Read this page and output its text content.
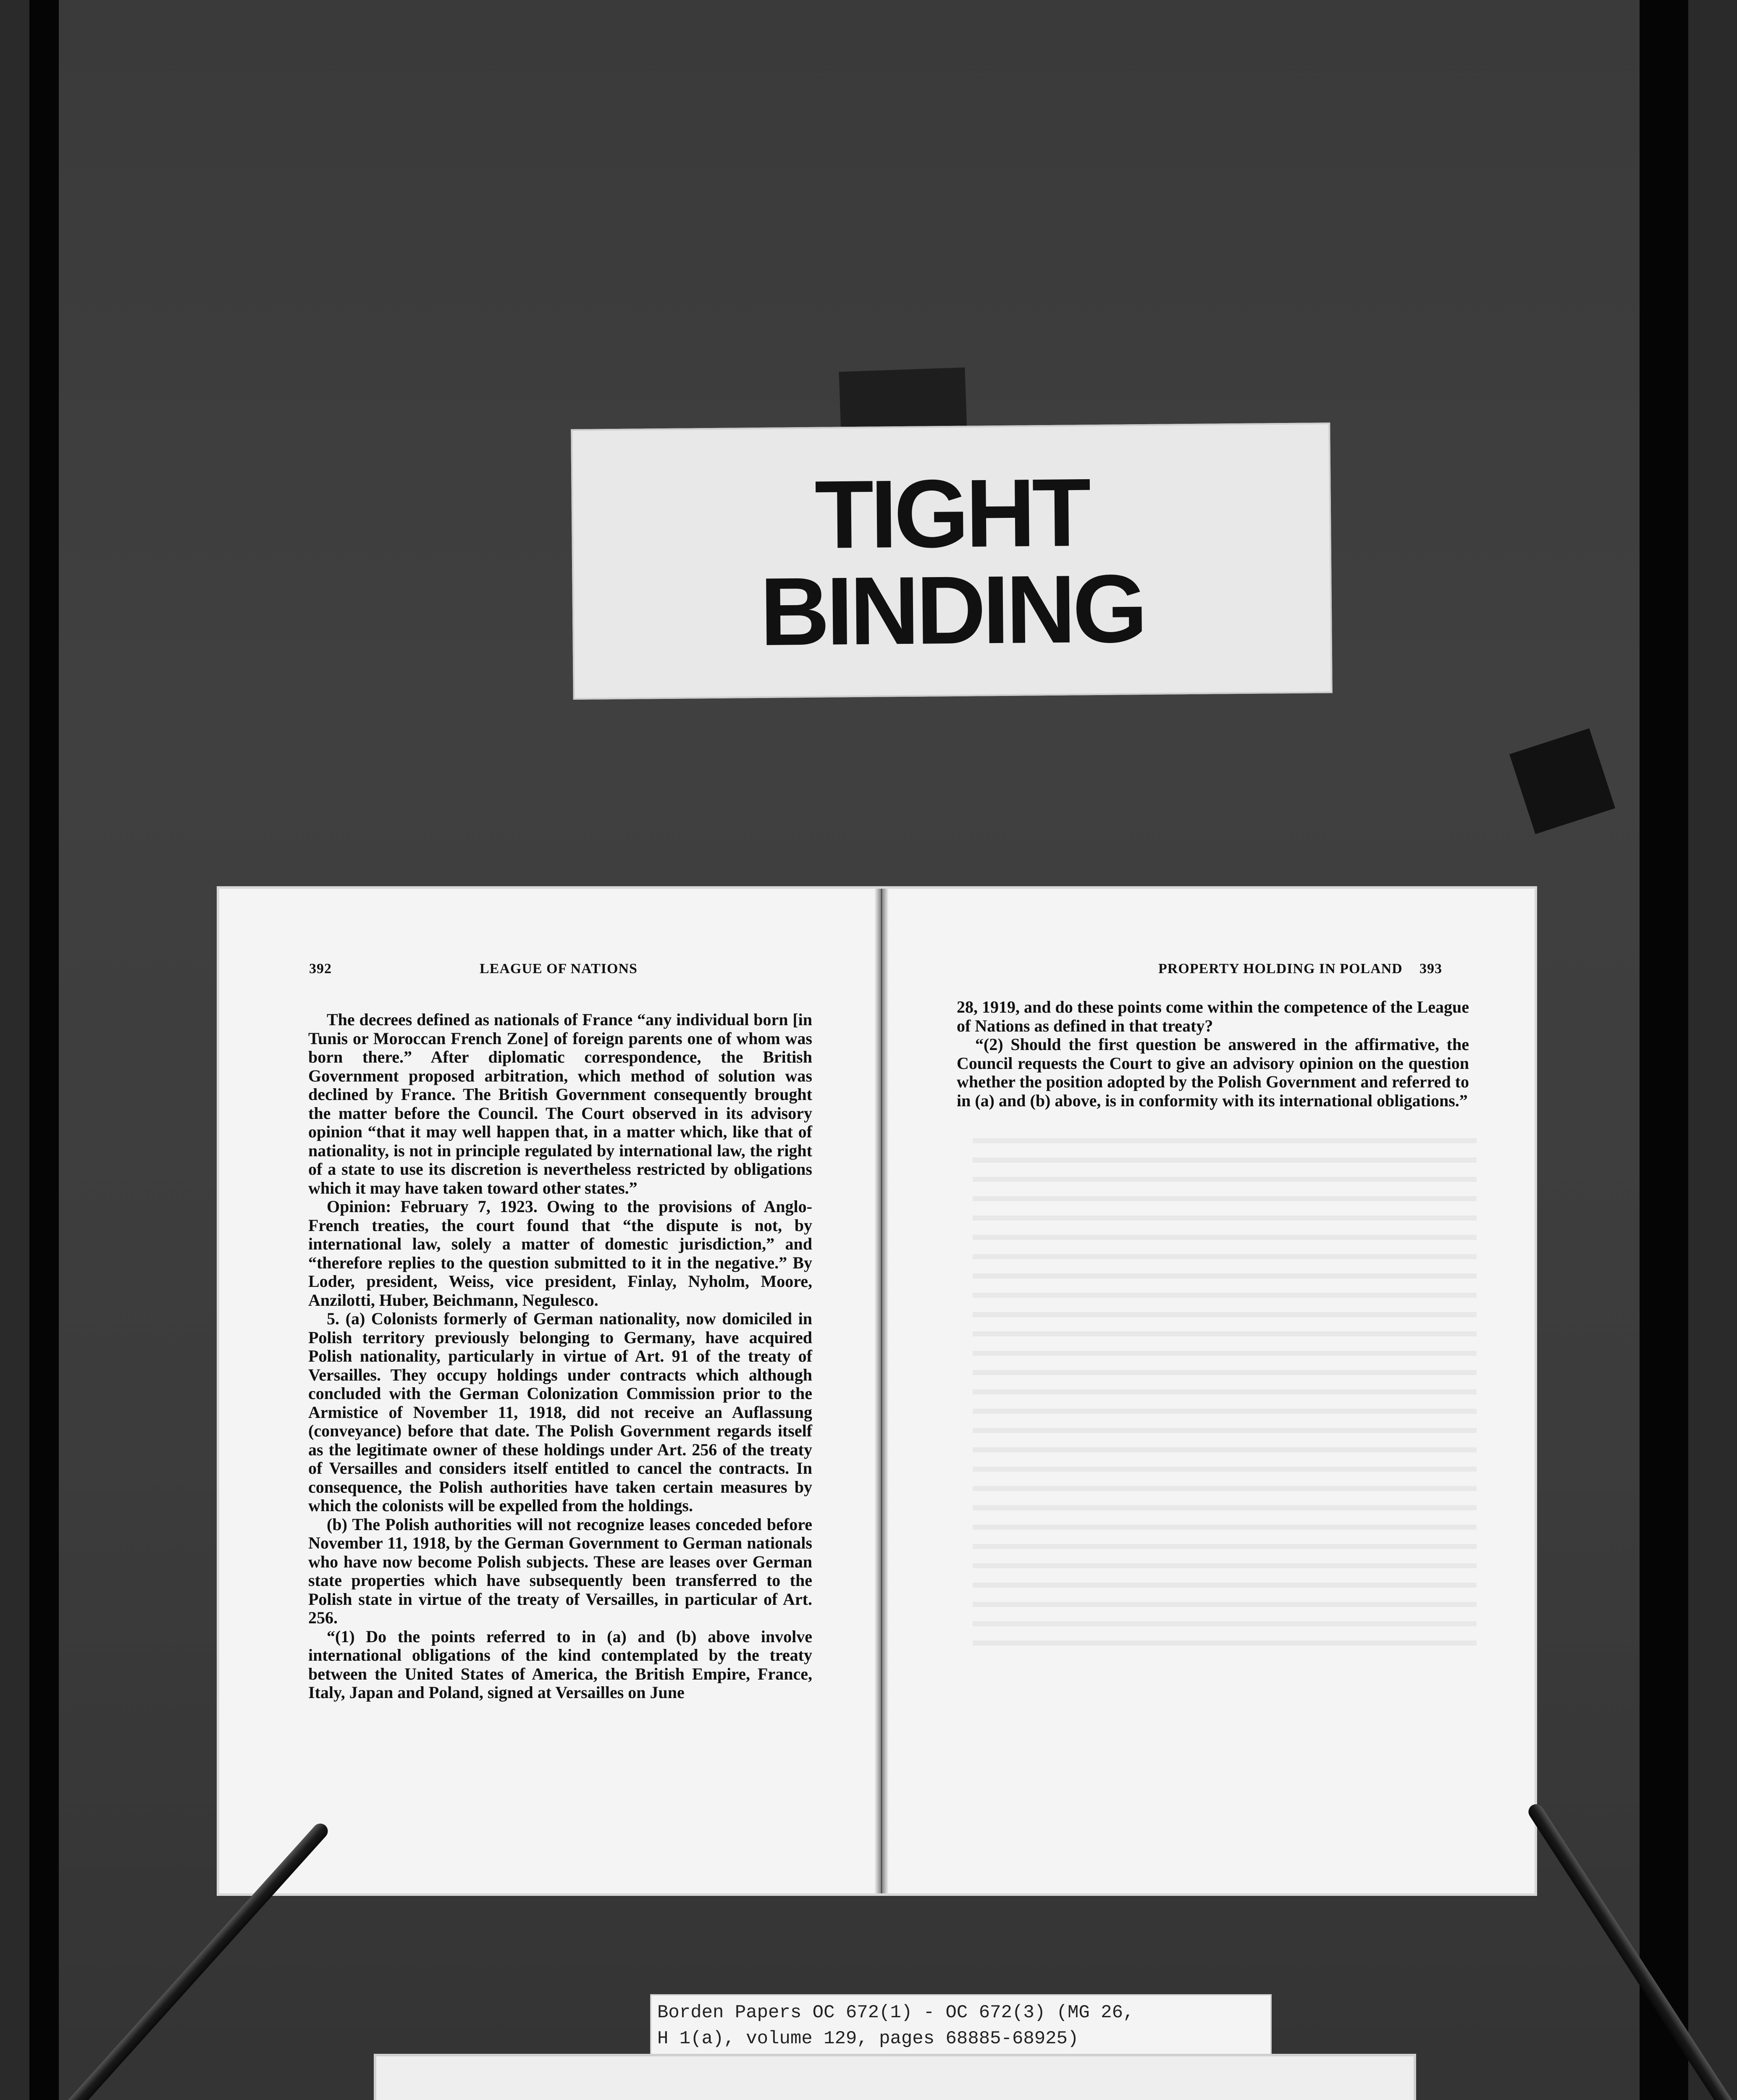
TIGHT
BINDING
392	LEAGUE OF NATIONS

The decrees defined as nationals of France “any individual born [in Tunis or Moroccan French Zone] of foreign parents one of whom was born there.” After diplomatic correspondence, the British Government proposed arbitration, which method of solution was declined by France. The British Government consequently brought the matter before the Council. The Court observed in its advisory opinion “that it may well happen that, in a matter which, like that of nationality, is not in principle regulated by international law, the right of a state to use its discretion is nevertheless restricted by obligations which it may have taken toward other states.”

Opinion: February 7, 1923. Owing to the provisions of Anglo-French treaties, the court found that “the dispute is not, by international law, solely a matter of domestic jurisdiction,” and “therefore replies to the question submitted to it in the negative.” By Loder, president, Weiss, vice president, Finlay, Nyholm, Moore, Anzilotti, Huber, Beichmann, Negulesco.

5. (a) Colonists formerly of German nationality, now domiciled in Polish territory previously belonging to Germany, have acquired Polish nationality, particularly in virtue of Art. 91 of the treaty of Versailles. They occupy holdings under contracts which although concluded with the German Colonization Commission prior to the Armistice of November 11, 1918, did not receive an Auflassung (conveyance) before that date. The Polish Government regards itself as the legitimate owner of these holdings under Art. 256 of the treaty of Versailles and considers itself entitled to cancel the contracts. In consequence, the Polish authorities have taken certain measures by which the colonists will be expelled from the holdings.

(b) The Polish authorities will not recognize leases conceded before November 11, 1918, by the German Government to German nationals who have now become Polish subjects. These are leases over German state properties which have subsequently been transferred to the Polish state in virtue of the treaty of Versailles, in particular of Art. 256.

“(1) Do the points referred to in (a) and (b) above involve international obligations of the kind contemplated by the treaty between the United States of America, the British Empire, France, Italy, Japan and Poland, signed at Versailles on June

PROPERTY HOLDING IN POLAND 393

28, 1919, and do these points come within the competence of the League of Nations as defined in that treaty?

“(2) Should the first question be answered in the affirmative, the Council requests the Court to give an advisory opinion on the question whether the position adopted by the Polish Government and referred to in (a) and (b) above, is in conformity with its international obligations.”

Borden Papers OC 672(1) - OC 672(3) (MG 26,
H 1(a), volume 129, pages 68885-68925)
